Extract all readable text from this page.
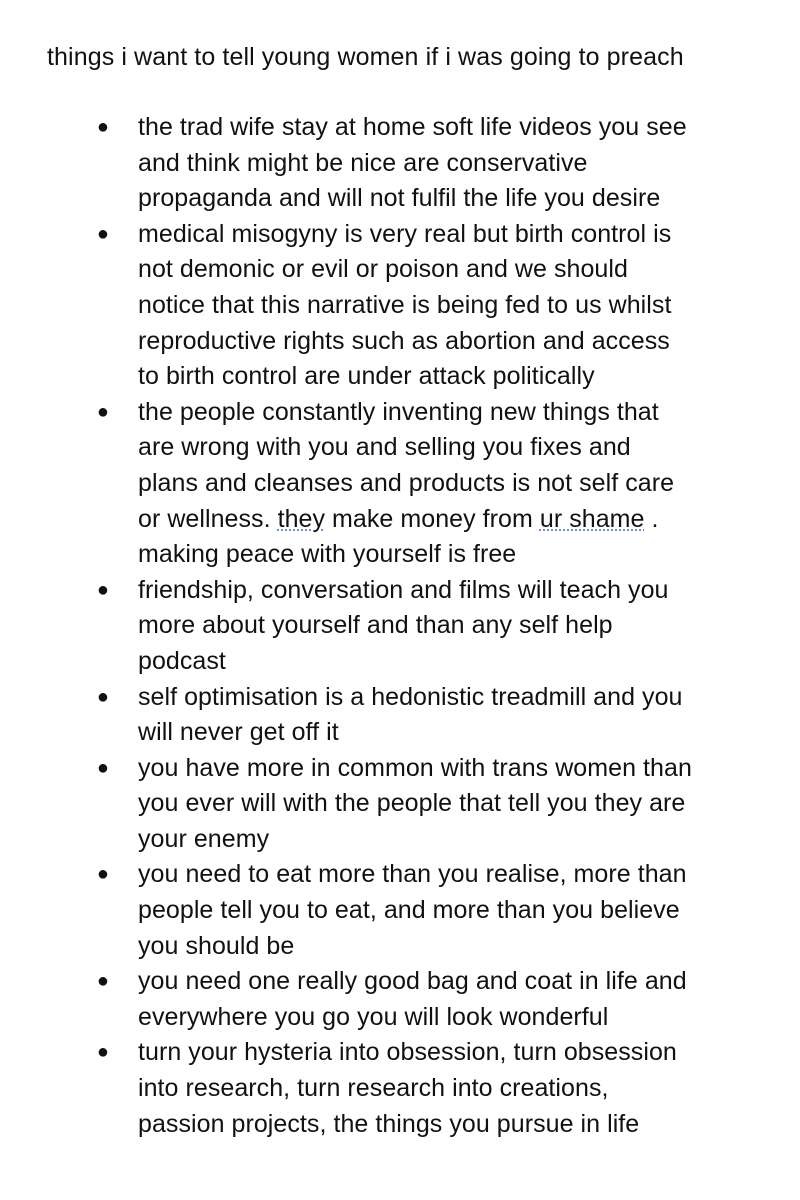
things i want to tell young women if i was going to preach
● the trad wife stay at home soft life videos you see
and think might be nice are conservative
propaganda and will not fulfil the life you desire
● medical misogyny is very real but birth control is
not demonic or evil or poison and we should
notice that this narrative is being fed to us whilst
reproductive rights such as abortion and access
to birth control are under attack politically
● the people constantly inventing new things that
are wrong with you and selling you fixes and
plans and cleanses and products is not self care
or wellness. they make money from ur shame .
making peace with yourself is free
● friendship, conversation and films will teach you
more about yourself and than any self help
podcast
● self optimisation is a hedonistic treadmill and you
will never get off it
● you have more in common with trans women than
you ever will with the people that tell you they are
your enemy
● you need to eat more than you realise, more than
people tell you to eat, and more than you believe
you should be
● you need one really good bag and coat in life and
everywhere you go you will look wonderful
● turn your hysteria into obsession, turn obsession
into research, turn research into creations,
passion projects, the things you pursue in life
